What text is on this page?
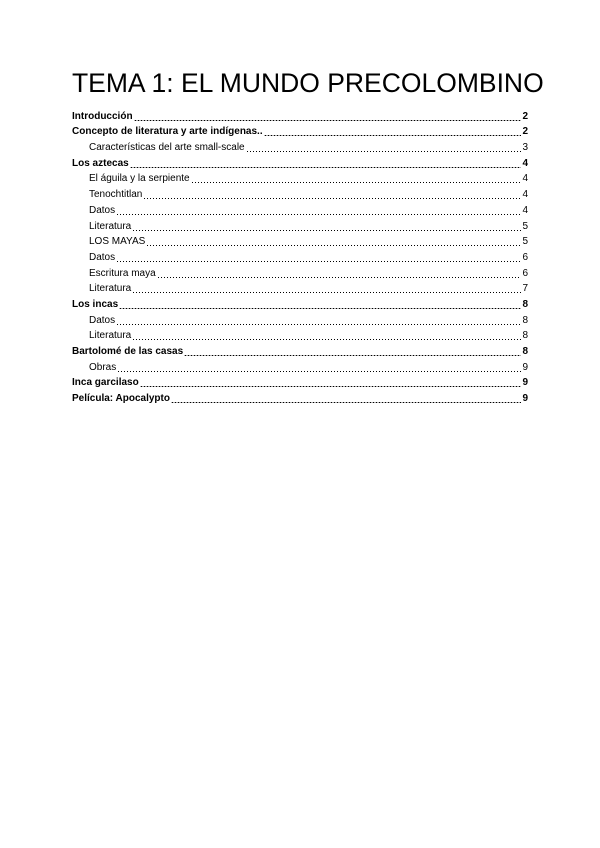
TEMA 1: EL MUNDO PRECOLOMBINO
Introducción	2
Concepto de literatura y arte indígenas..	2
Características del arte small-scale	3
Los aztecas	4
El águila y la serpiente	4
Tenochtitlan	4
Datos	4
Literatura	5
LOS MAYAS	5
Datos	6
Escritura maya	6
Literatura	7
Los incas	8
Datos	8
Literatura	8
Bartolomé de las casas	8
Obras	9
Inca garcilaso	9
Película: Apocalypto	9
